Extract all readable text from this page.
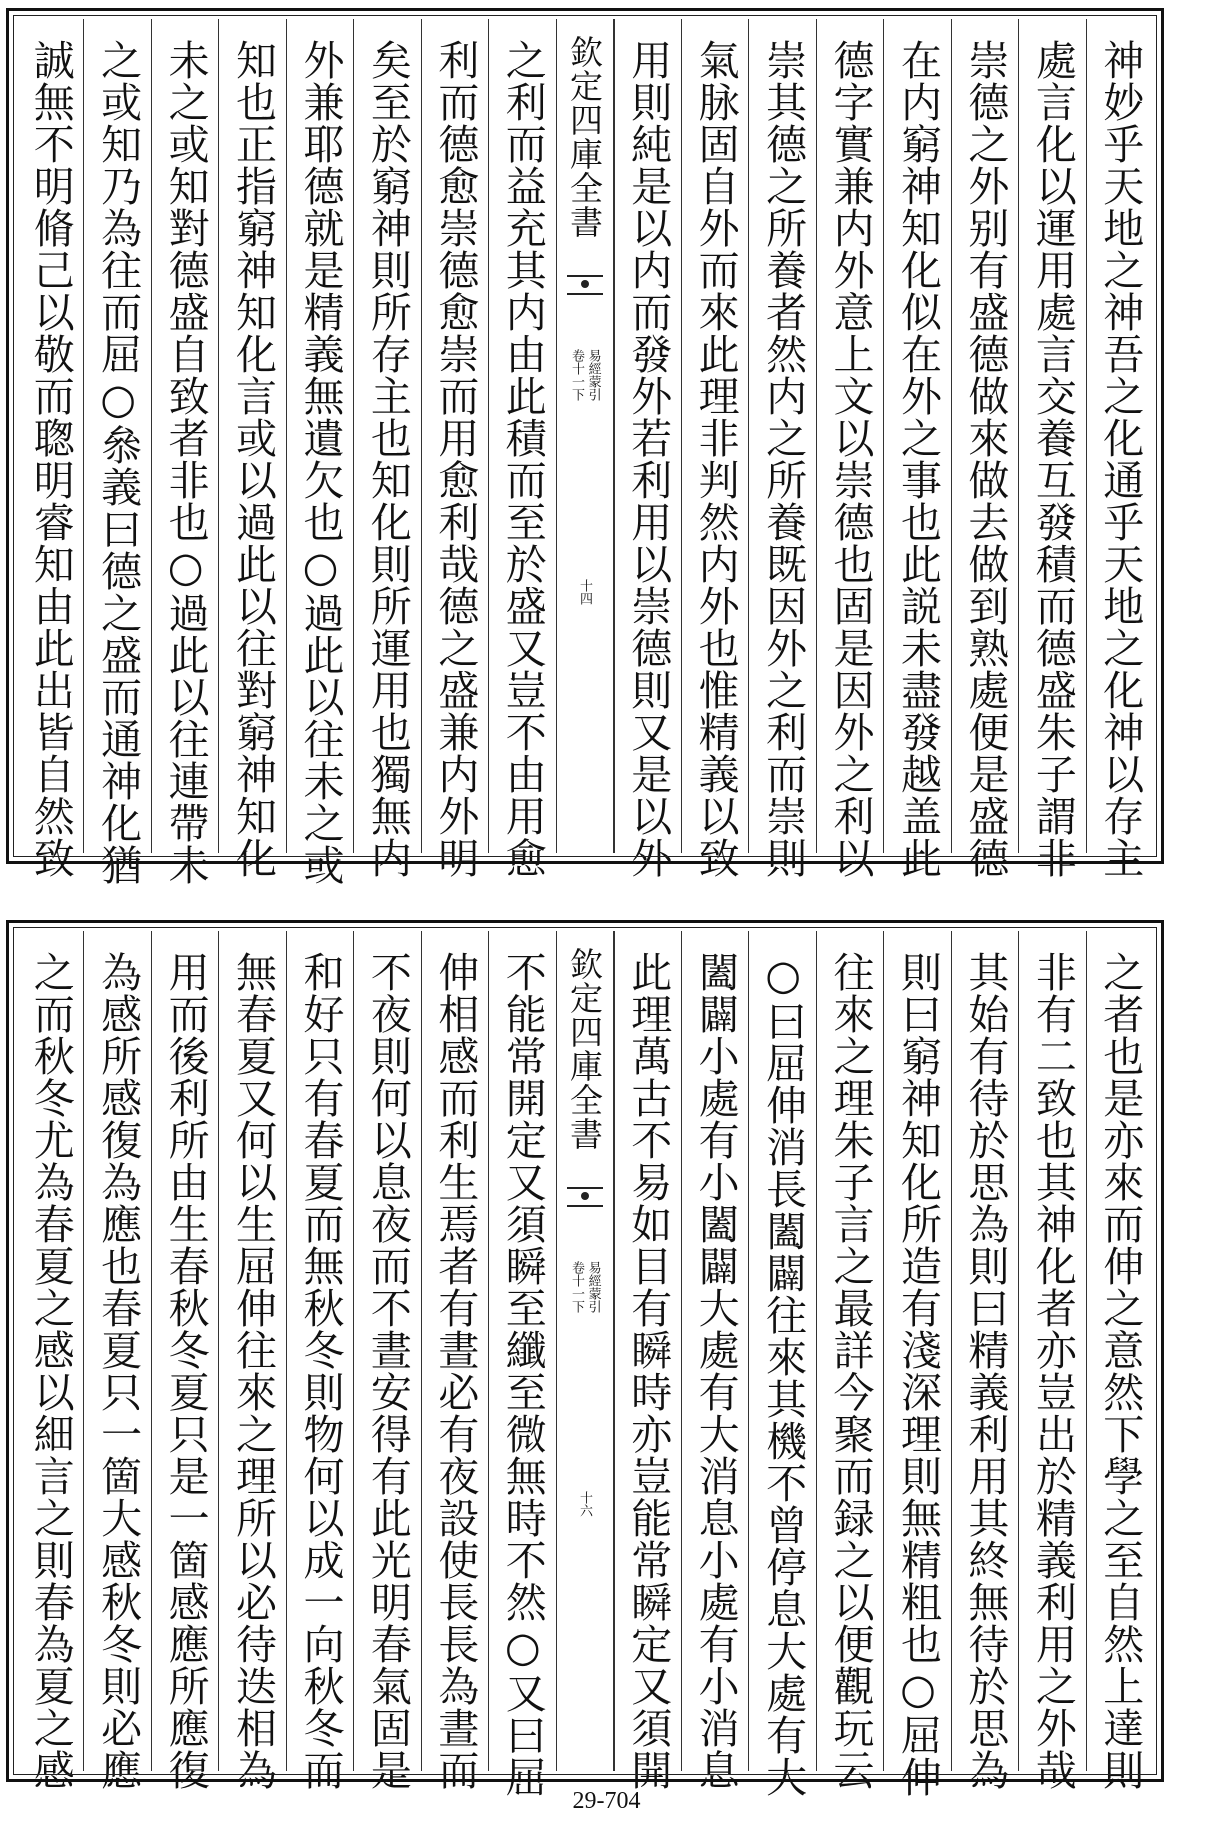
神妙乎天地之神吾之化通乎天地之化神以存主
處言化以運用處言交養互發積而德盛朱子謂非
崇德之外别有盛德做來做去做到熟處便是盛德
在内窮神知化似在外之事也此説未盡發越盖此
德字實兼内外意上文以崇德也固是因外之利以
崇其德之所養者然内之所養既因外之利而崇則
氣脉固自外而來此理非判然内外也惟精義以致
用則純是以内而發外若利用以崇德則又是以外
欽定四庫全書
易經蒙引
卷十一下
十四
之利而益充其内由此積而至於盛又豈不由用愈
利而德愈崇德愈崇而用愈利哉德之盛兼内外明
矣至於窮神則所存主也知化則所運用也獨無内
外兼耶德就是精義無遺欠也○過此以往未之或
知也正指窮神知化言或以過此以往對窮神知化
未之或知對德盛自致者非也○過此以往連帶未
之或知乃為往而屈○叅義曰德之盛而通神化猶
誠無不明脩己以敬而聦明睿知由此出皆自然致
之者也是亦來而伸之意然下學之至自然上達則
非有二致也其神化者亦豈出於精義利用之外哉
其始有待於思為則曰精義利用其終無待於思為
則曰窮神知化所造有淺深理則無精粗也○屈伸
往來之理朱子言之最詳今聚而録之以便觀玩云
○曰屈伸消長闔闢往來其機不曾停息大處有大
闔闢小處有小闔闢大處有大消息小處有小消息
此理萬古不易如目有瞬時亦豈能常瞬定又須開
欽定四庫全書
易經蒙引
卷十一下
十六
不能常開定又須瞬至纖至微無時不然○又曰屈
伸相感而利生焉者有晝必有夜設使長長為晝而
不夜則何以息夜而不晝安得有此光明春氣固是
和好只有春夏而無秋冬則物何以成一向秋冬而
無春夏又何以生屈伸往來之理所以必待迭相為
用而後利所由生春秋冬夏只是一箇感應所應復
為感所感復為應也春夏只一箇大感秋冬則必應
之而秋冬尤為春夏之感以細言之則春為夏之感
29-704
